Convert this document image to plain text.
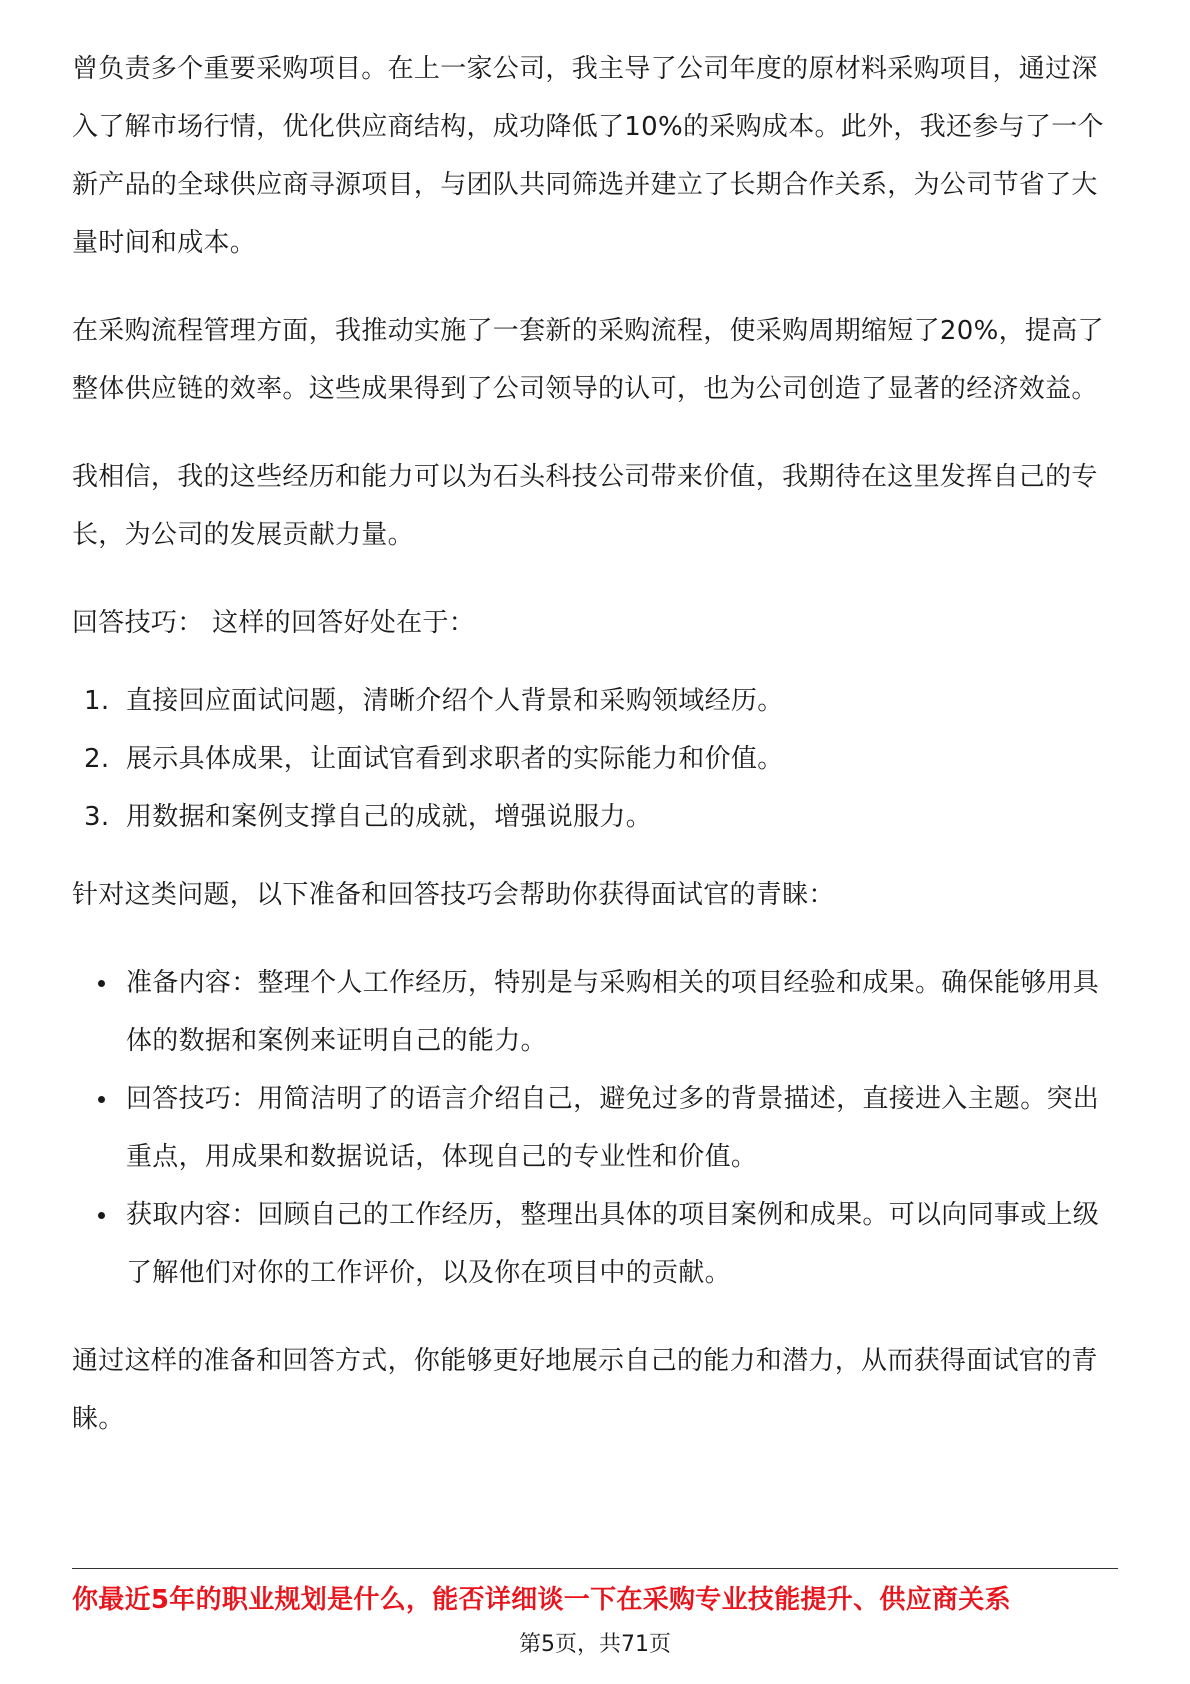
曾负责多个重要采购项目。在上一家公司，我主导了公司年度的原材料采购项目，通过深入了解市场行情，优化供应商结构，成功降低了10%的采购成本。此外，我还参与了一个新产品的全球供应商寻源项目，与团队共同筛选并建立了长期合作关系，为公司节省了大量时间和成本。

在采购流程管理方面，我推动实施了一套新的采购流程，使采购周期缩短了20%，提高了整体供应链的效率。这些成果得到了公司领导的认可，也为公司创造了显著的经济效益。

我相信，我的这些经历和能力可以为石头科技公司带来价值，我期待在这里发挥自己的专长，为公司的发展贡献力量。

回答技巧： 这样的回答好处在于：

1. 直接回应面试问题，清晰介绍个人背景和采购领域经历。
2. 展示具体成果，让面试官看到求职者的实际能力和价值。
3. 用数据和案例支撑自己的成就，增强说服力。

针对这类问题，以下准备和回答技巧会帮助你获得面试官的青睐：

准备内容：整理个人工作经历，特别是与采购相关的项目经验和成果。确保能够用具体的数据和案例来证明自己的能力。
回答技巧：用简洁明了的语言介绍自己，避免过多的背景描述，直接进入主题。突出重点，用成果和数据说话，体现自己的专业性和价值。
获取内容：回顾自己的工作经历，整理出具体的项目案例和成果。可以向同事或上级了解他们对你的工作评价，以及你在项目中的贡献。

通过这样的准备和回答方式，你能够更好地展示自己的能力和潜力，从而获得面试官的青睐。

你最近5年的职业规划是什么，能否详细谈一下在采购专业技能提升、供应商关系
第5页，共71页
